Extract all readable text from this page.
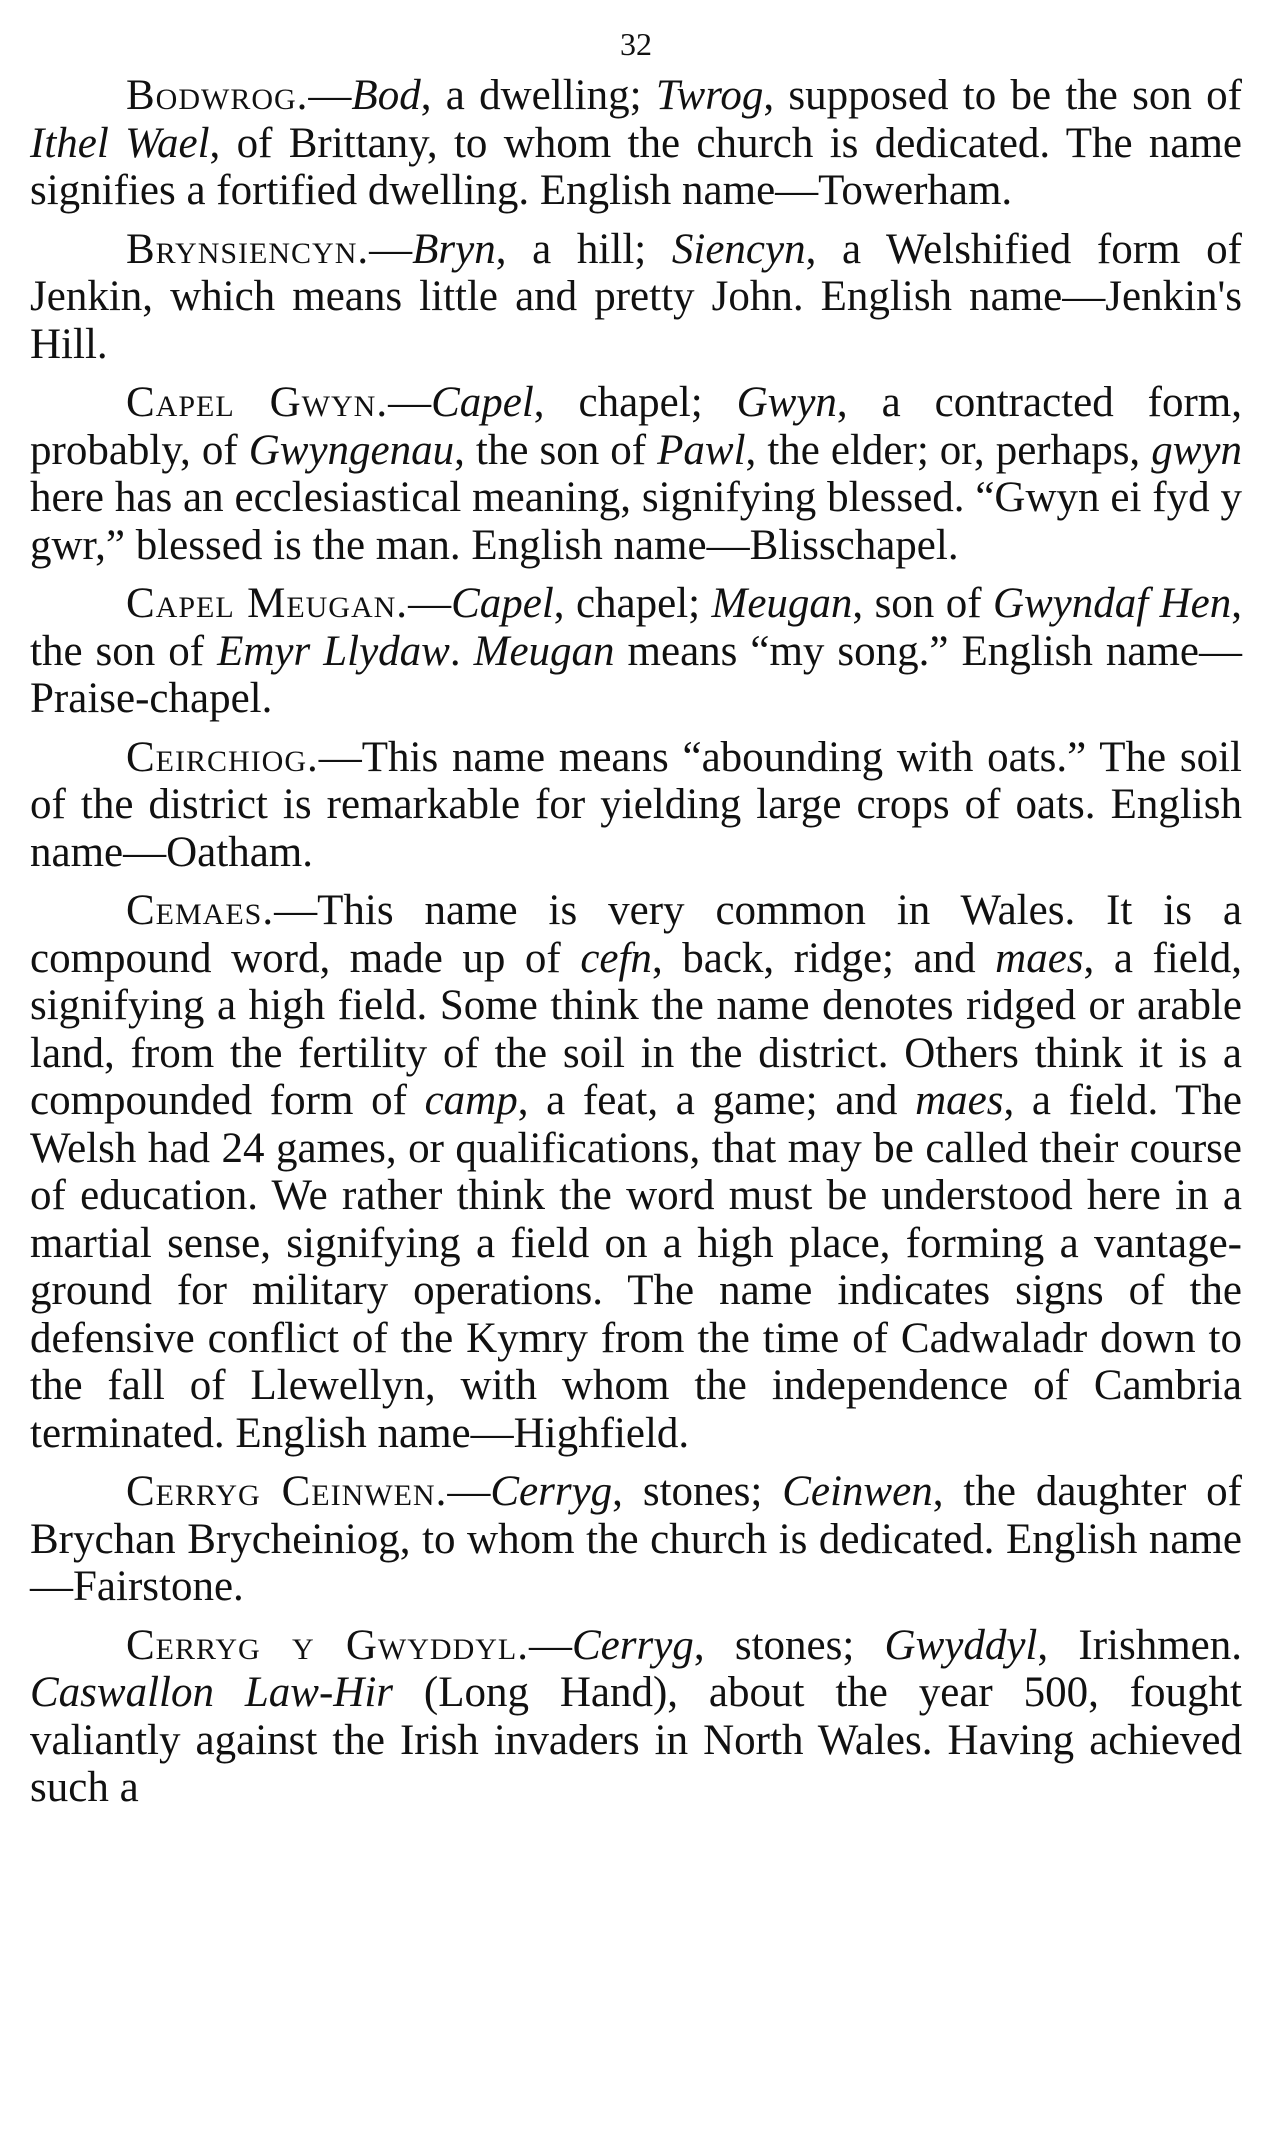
32

Bodwrog.—Bod, a dwelling; Twrog, supposed to be the son of Ithel Wael, of Brittany, to whom the church is dedicated. The name signifies a fortified dwelling. English name—Towerham.

Brynsiencyn.—Bryn, a hill; Siencyn, a Welshified form of Jenkin, which means little and pretty John. English name—Jenkin's Hill.

Capel Gwyn.—Capel, chapel; Gwyn, a contracted form, probably, of Gwyngenau, the son of Pawl, the elder; or, perhaps, gwyn here has an ecclesiastical meaning, signifying blessed. “Gwyn ei fyd y gwr,” blessed is the man. English name—Blisschapel.

Capel Meugan.—Capel, chapel; Meugan, son of Gwyndaf Hen, the son of Emyr Llydaw. Meugan means “my song.” English name—Praise-chapel.

Ceirchiog.—This name means “abounding with oats.” The soil of the district is remarkable for yielding large crops of oats. English name—Oatham.

Cemaes.—This name is very common in Wales. It is a compound word, made up of cefn, back, ridge; and maes, a field, signifying a high field. Some think the name denotes ridged or arable land, from the fertility of the soil in the district. Others think it is a compounded form of camp, a feat, a game; and maes, a field. The Welsh had 24 games, or qualifications, that may be called their course of education. We rather think the word must be understood here in a martial sense, signifying a field on a high place, forming a vantage-ground for military operations. The name indicates signs of the defensive conflict of the Kymry from the time of Cadwaladr down to the fall of Llewellyn, with whom the independence of Cambria terminated. English name—Highfield.

Cerryg Ceinwen.—Cerryg, stones; Ceinwen, the daughter of Brychan Brycheiniog, to whom the church is dedicated. English name—Fairstone.

Cerryg y Gwyddyl.—Cerryg, stones; Gwyddyl, Irishmen. Caswallon Law-Hir (Long Hand), about the year 500, fought valiantly against the Irish invaders in North Wales. Having achieved such a
